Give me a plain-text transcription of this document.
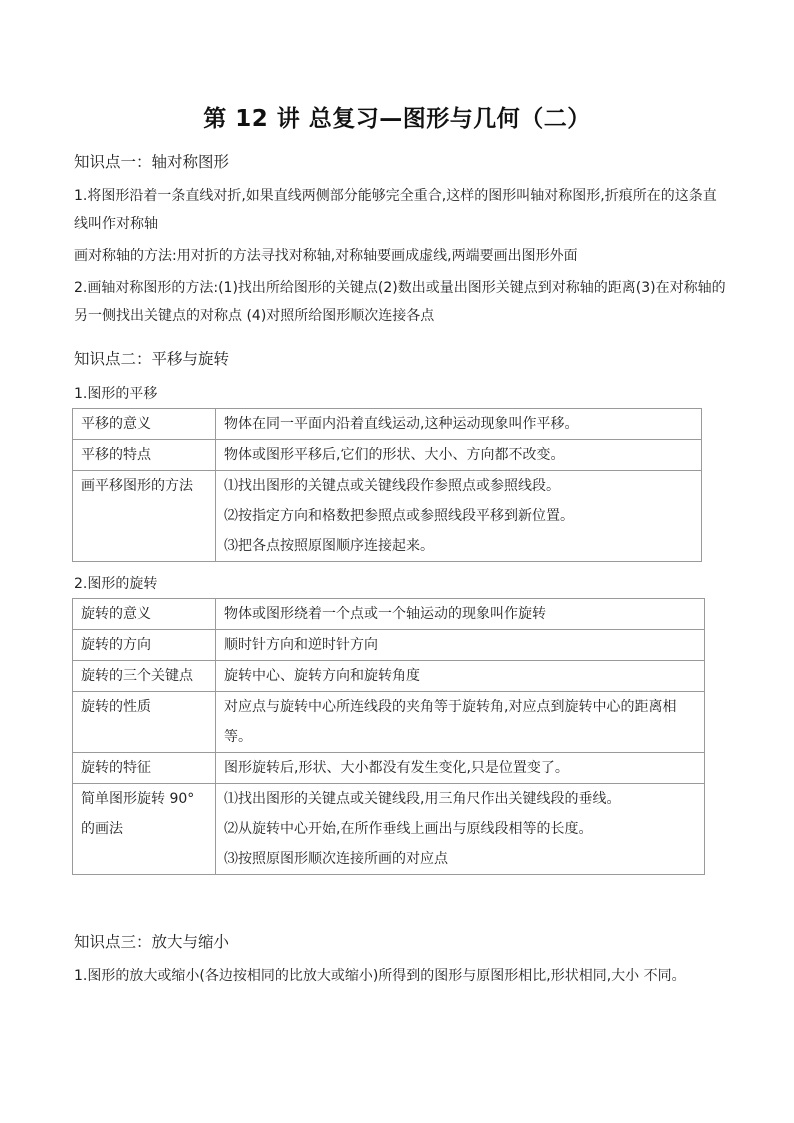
第 12 讲 总复习—图形与几何（二）
知识点一：轴对称图形
1.将图形沿着一条直线对折,如果直线两侧部分能够完全重合,这样的图形叫轴对称图形,折痕所在的这条直线叫作对称轴
画对称轴的方法:用对折的方法寻找对称轴,对称轴要画成虚线,两端要画出图形外面
2.画轴对称图形的方法:(1)找出所给图形的关键点(2)数出或量出图形关键点到对称轴的距离(3)在对称轴的另一侧找出关键点的对称点 (4)对照所给图形顺次连接各点
知识点二：平移与旋转
1.图形的平移
平移的意义	物体在同一平面内沿着直线运动,这种运动现象叫作平移。

平移的特点	物体或图形平移后,它们的形状、大小、方向都不改变。

画平移图形的方法	⑴找出图形的关键点或关键线段作参照点或参照线段。
⑵按指定方向和格数把参照点或参照线段平移到新位置。
⑶把各点按照原图顺序连接起来。
2.图形的旋转
旋转的意义	物体或图形绕着一个点或一个轴运动的现象叫作旋转

旋转的方向	顺时针方向和逆时针方向

旋转的三个关键点	旋转中心、旋转方向和旋转角度

旋转的性质	对应点与旋转中心所连线段的夹角等于旋转角,对应点到旋转中心的距离相等。

旋转的特征	图形旋转后,形状、大小都没有发生变化,只是位置变了。

简单图形旋转 90° 的画法	⑴找出图形的关键点或关键线段,用三角尺作出关键线段的垂线。
⑵从旋转中心开始,在所作垂线上画出与原线段相等的长度。
⑶按照原图形顺次连接所画的对应点
知识点三：放大与缩小
1.图形的放大或缩小(各边按相同的比放大或缩小)所得到的图形与原图形相比,形状相同,大小 不同。
